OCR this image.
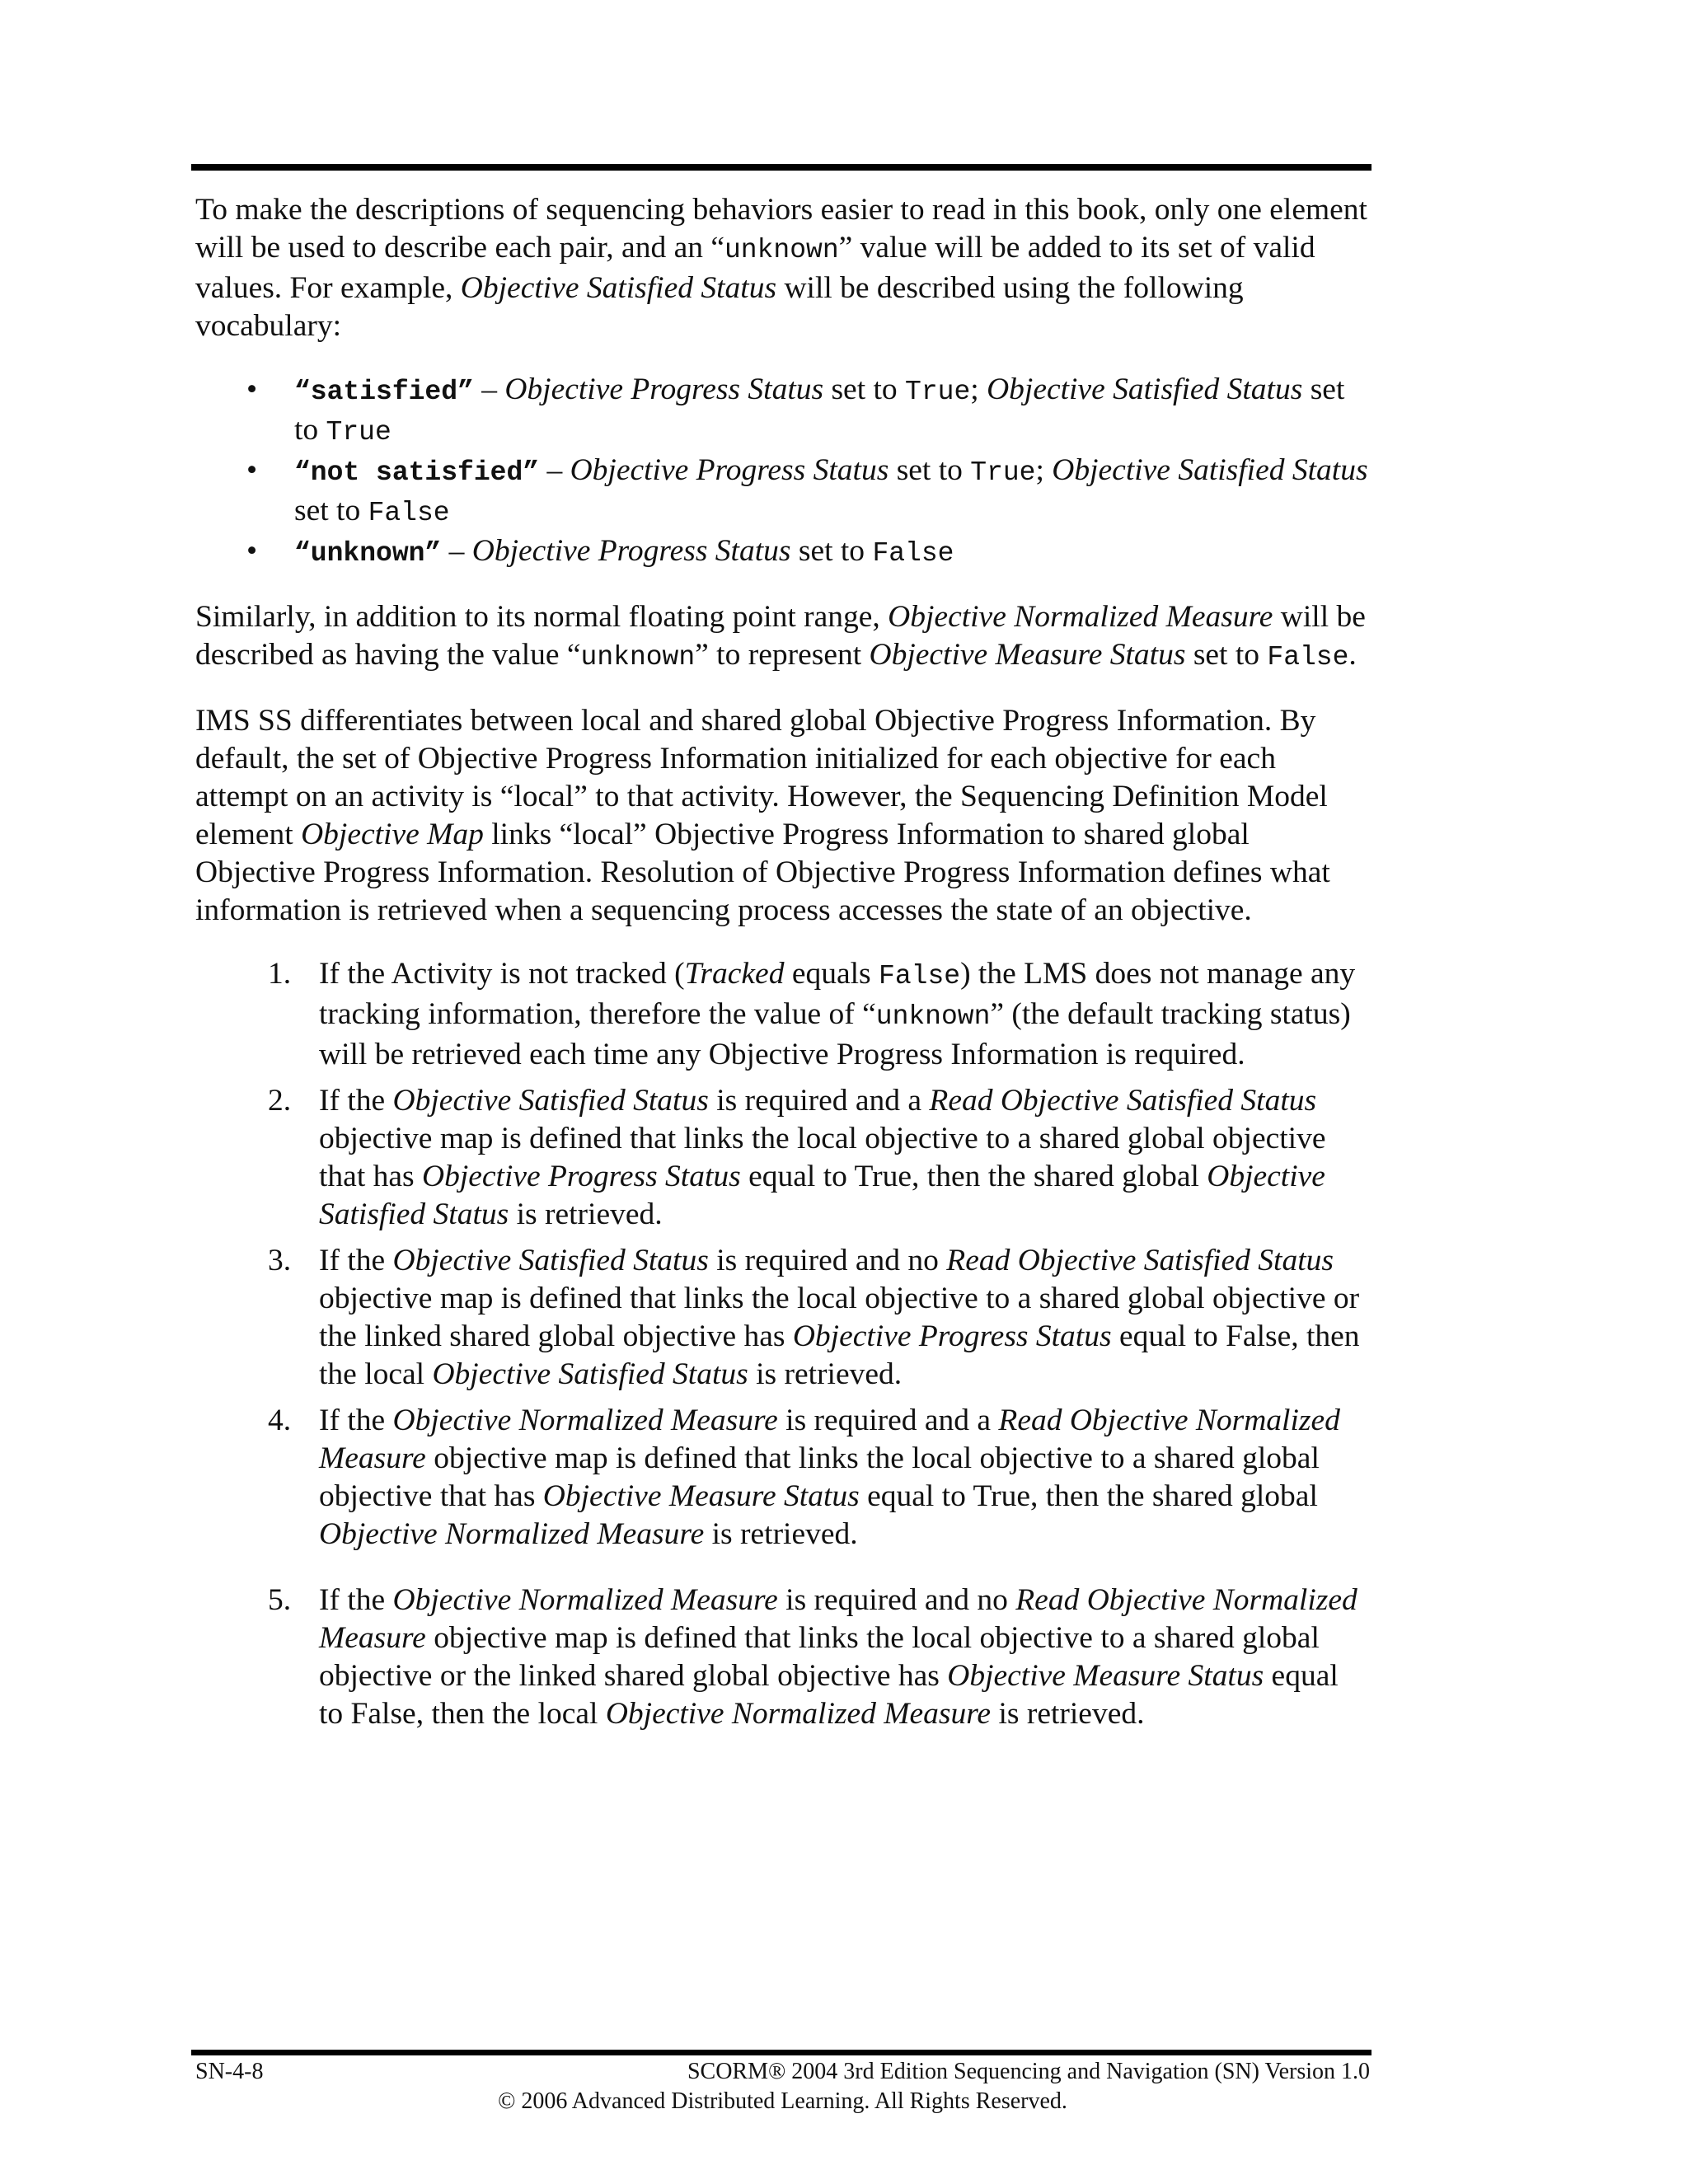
To make the descriptions of sequencing behaviors easier to read in this book, only one element will be used to describe each pair, and an “unknown” value will be added to its set of valid values. For example, Objective Satisfied Status will be described using the following vocabulary:

• “satisfied” – Objective Progress Status set to True; Objective Satisfied Status set to True
• “not satisfied” – Objective Progress Status set to True; Objective Satisfied Status set to False
• “unknown” – Objective Progress Status set to False

Similarly, in addition to its normal floating point range, Objective Normalized Measure will be described as having the value “unknown” to represent Objective Measure Status set to False.

IMS SS differentiates between local and shared global Objective Progress Information. By default, the set of Objective Progress Information initialized for each objective for each attempt on an activity is “local” to that activity. However, the Sequencing Definition Model element Objective Map links “local” Objective Progress Information to shared global Objective Progress Information. Resolution of Objective Progress Information defines what information is retrieved when a sequencing process accesses the state of an objective.

1. If the Activity is not tracked (Tracked equals False) the LMS does not manage any tracking information, therefore the value of “unknown” (the default tracking status) will be retrieved each time any Objective Progress Information is required.
2. If the Objective Satisfied Status is required and a Read Objective Satisfied Status objective map is defined that links the local objective to a shared global objective that has Objective Progress Status equal to True, then the shared global Objective Satisfied Status is retrieved.
3. If the Objective Satisfied Status is required and no Read Objective Satisfied Status objective map is defined that links the local objective to a shared global objective or the linked shared global objective has Objective Progress Status equal to False, then the local Objective Satisfied Status is retrieved.
4. If the Objective Normalized Measure is required and a Read Objective Normalized Measure objective map is defined that links the local objective to a shared global objective that has Objective Measure Status equal to True, then the shared global Objective Normalized Measure is retrieved.
5. If the Objective Normalized Measure is required and no Read Objective Normalized Measure objective map is defined that links the local objective to a shared global objective or the linked shared global objective has Objective Measure Status equal to False, then the local Objective Normalized Measure is retrieved.
SN-4-8	SCORM® 2004 3rd Edition Sequencing and Navigation (SN) Version 1.0
© 2006 Advanced Distributed Learning. All Rights Reserved.
